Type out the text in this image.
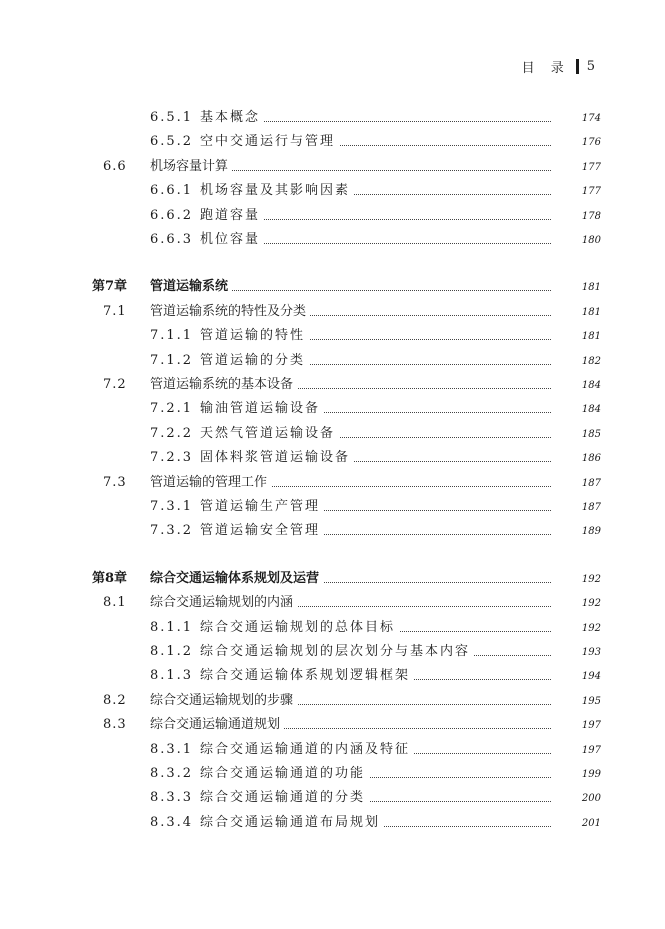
目 录 5
6.5.1 基本概念	174
6.5.2 空中交通运行与管理	176
6.6 机场容量计算	177
6.6.1 机场容量及其影响因素	177
6.6.2 跑道容量	178
6.6.3 机位容量	180
第7章 管道运输系统	181
7.1 管道运输系统的特性及分类	181
7.1.1 管道运输的特性	181
7.1.2 管道运输的分类	182
7.2 管道运输系统的基本设备	184
7.2.1 输油管道运输设备	184
7.2.2 天然气管道运输设备	185
7.2.3 固体料浆管道运输设备	186
7.3 管道运输的管理工作	187
7.3.1 管道运输生产管理	187
7.3.2 管道运输安全管理	189
第8章 综合交通运输体系规划及运营	192
8.1 综合交通运输规划的内涵	192
8.1.1 综合交通运输规划的总体目标	192
8.1.2 综合交通运输规划的层次划分与基本内容	193
8.1.3 综合交通运输体系规划逻辑框架	194
8.2 综合交通运输规划的步骤	195
8.3 综合交通运输通道规划	197
8.3.1 综合交通运输通道的内涵及特征	197
8.3.2 综合交通运输通道的功能	199
8.3.3 综合交通运输通道的分类	200
8.3.4 综合交通运输通道布局规划	201
